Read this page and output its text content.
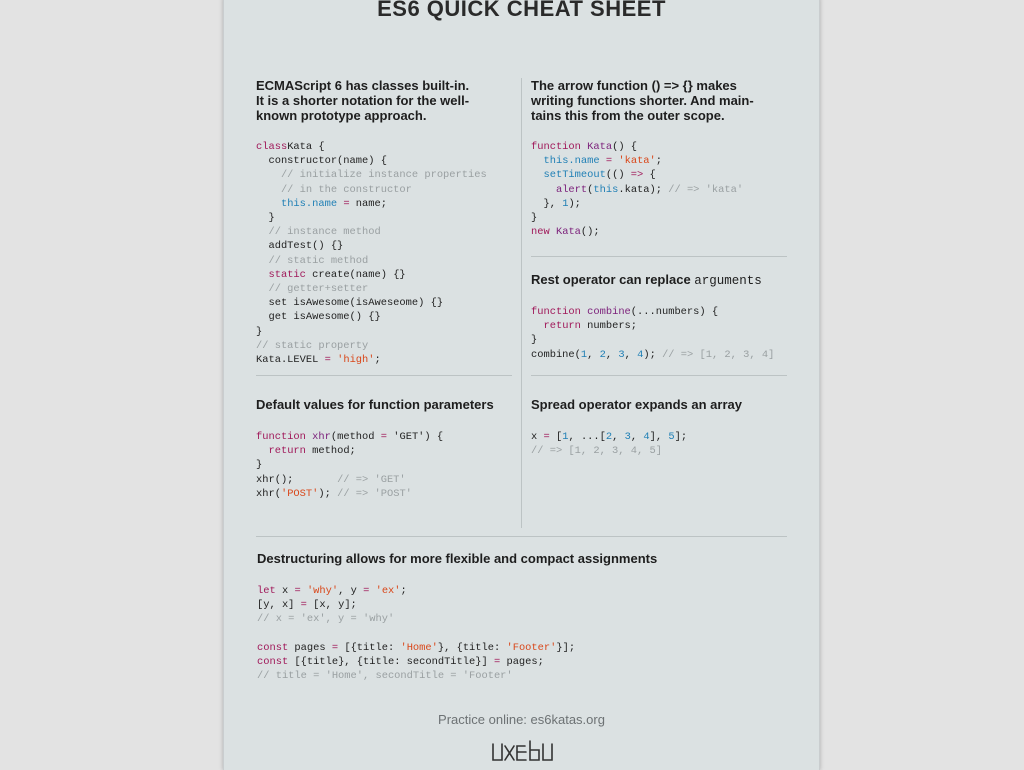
ES6 QUICK CHEAT SHEET
ECMAScript 6 has classes built-in.
It is a shorter notation for the well-
known prototype approach.
classKata {
constructor(name) {
// initialize instance properties
// in the constructor
this.name = name;
}
// instance method
addTest() {}
// static method
static create(name) {}
// getter+setter
set isAwesome(isAweseome) {}
get isAwesome() {}
}
// static property
Kata.LEVEL = 'high';
The arrow function () => {} makes
writing functions shorter. And main-
tains this from the outer scope.
function Kata() {
this.name = 'kata';
setTimeout(() => {
alert(this.kata); // => 'kata'
}, 1);
}
new Kata();
Rest operator can replace arguments
function combine(...numbers) {
return numbers;
}
combine(1, 2, 3, 4); // => [1, 2, 3, 4]
Default values for function parameters
function xhr(method = 'GET') {
return method;
}
xhr();       // => 'GET'
xhr('POST'); // => 'POST'
Spread operator expands an array
x = [1, ...[2, 3, 4], 5];
// => [1, 2, 3, 4, 5]
Destructuring allows for more flexible and compact assignments
let x = 'why', y = 'ex';
[y, x] = [x, y];
// x = 'ex', y = 'why'

const pages = [{title: 'Home'}, {title: 'Footer'}];
const [{title}, {title: secondTitle}] = pages;
// title = 'Home', secondTitle = 'Footer'
Practice online: es6katas.org
